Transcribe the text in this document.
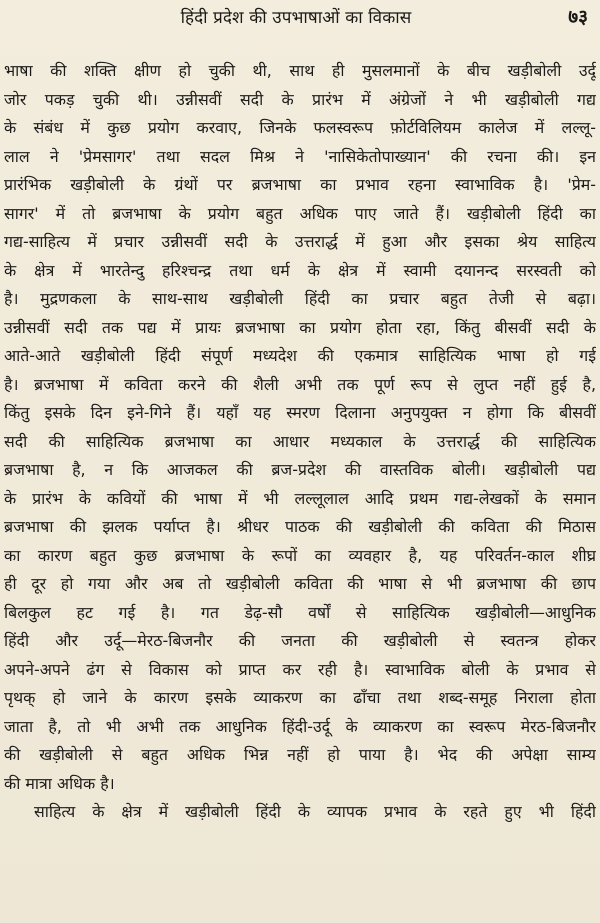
हिंदी प्रदेश की उपभाषाओं का विकास	७३
भाषा की शक्ति क्षीण हो चुकी थी, साथ ही मुसलमानों के बीच खड़ीबोली उर्दू
जोर पकड़ चुकी थी। उन्नीसवीं सदी के प्रारंभ में अंग्रेजों ने भी खड़ीबोली गद्य
के संबंध में कुछ प्रयोग करवाए, जिनके फलस्वरूप फ़ोर्टविलियम कालेज में लल्लू-
लाल ने 'प्रेमसागर' तथा सदल मिश्र ने 'नासिकेतोपाख्यान' की रचना की। इन
प्रारंभिक खड़ीबोली के ग्रंथों पर ब्रजभाषा का प्रभाव रहना स्वाभाविक है। 'प्रेम-
सागर' में तो ब्रजभाषा के प्रयोग बहुत अधिक पाए जाते हैं। खड़ीबोली हिंदी का
गद्य-साहित्य में प्रचार उन्नीसवीं सदी के उत्तरार्द्ध में हुआ और इसका श्रेय साहित्य
के क्षेत्र में भारतेन्दु हरिश्चन्द्र तथा धर्म के क्षेत्र में स्वामी दयानन्द सरस्वती को
है। मुद्रणकला के साथ-साथ खड़ीबोली हिंदी का प्रचार बहुत तेजी से बढ़ा।
उन्नीसवीं सदी तक पद्य में प्रायः ब्रजभाषा का प्रयोग होता रहा, किंतु बीसवीं सदी के
आते-आते खड़ीबोली हिंदी संपूर्ण मध्यदेश की एकमात्र साहित्यिक भाषा हो गई
है। ब्रजभाषा में कविता करने की शैली अभी तक पूर्ण रूप से लुप्त नहीं हुई है,
किंतु इसके दिन इने-गिने हैं। यहाँ यह स्मरण दिलाना अनुपयुक्त न होगा कि बीसवीं
सदी की साहित्यिक ब्रजभाषा का आधार मध्यकाल के उत्तरार्द्ध की साहित्यिक
ब्रजभाषा है, न कि आजकल की ब्रज-प्रदेश की वास्तविक बोली। खड़ीबोली पद्य
के प्रारंभ के कवियों की भाषा में भी लल्लूलाल आदि प्रथम गद्य-लेखकों के समान
ब्रजभाषा की झलक पर्याप्त है। श्रीधर पाठक की खड़ीबोली की कविता की मिठास
का कारण बहुत कुछ ब्रजभाषा के रूपों का व्यवहार है, यह परिवर्तन-काल शीघ्र
ही दूर हो गया और अब तो खड़ीबोली कविता की भाषा से भी ब्रजभाषा की छाप
बिलकुल हट गई है। गत डेढ़-सौ वर्षों से साहित्यिक खड़ीबोली—आधुनिक
हिंदी और उर्दू—मेरठ-बिजनौर की जनता की खड़ीबोली से स्वतन्त्र होकर
अपने-अपने ढंग से विकास को प्राप्त कर रही है। स्वाभाविक बोली के प्रभाव से
पृथक् हो जाने के कारण इसके व्याकरण का ढाँचा तथा शब्द-समूह निराला होता
जाता है, तो भी अभी तक आधुनिक हिंदी-उर्दू के व्याकरण का स्वरूप मेरठ-बिजनौर
की खड़ीबोली से बहुत अधिक भिन्न नहीं हो पाया है। भेद की अपेक्षा साम्य
की मात्रा अधिक है।
साहित्य के क्षेत्र में खड़ीबोली हिंदी के व्यापक प्रभाव के रहते हुए भी हिंदी
